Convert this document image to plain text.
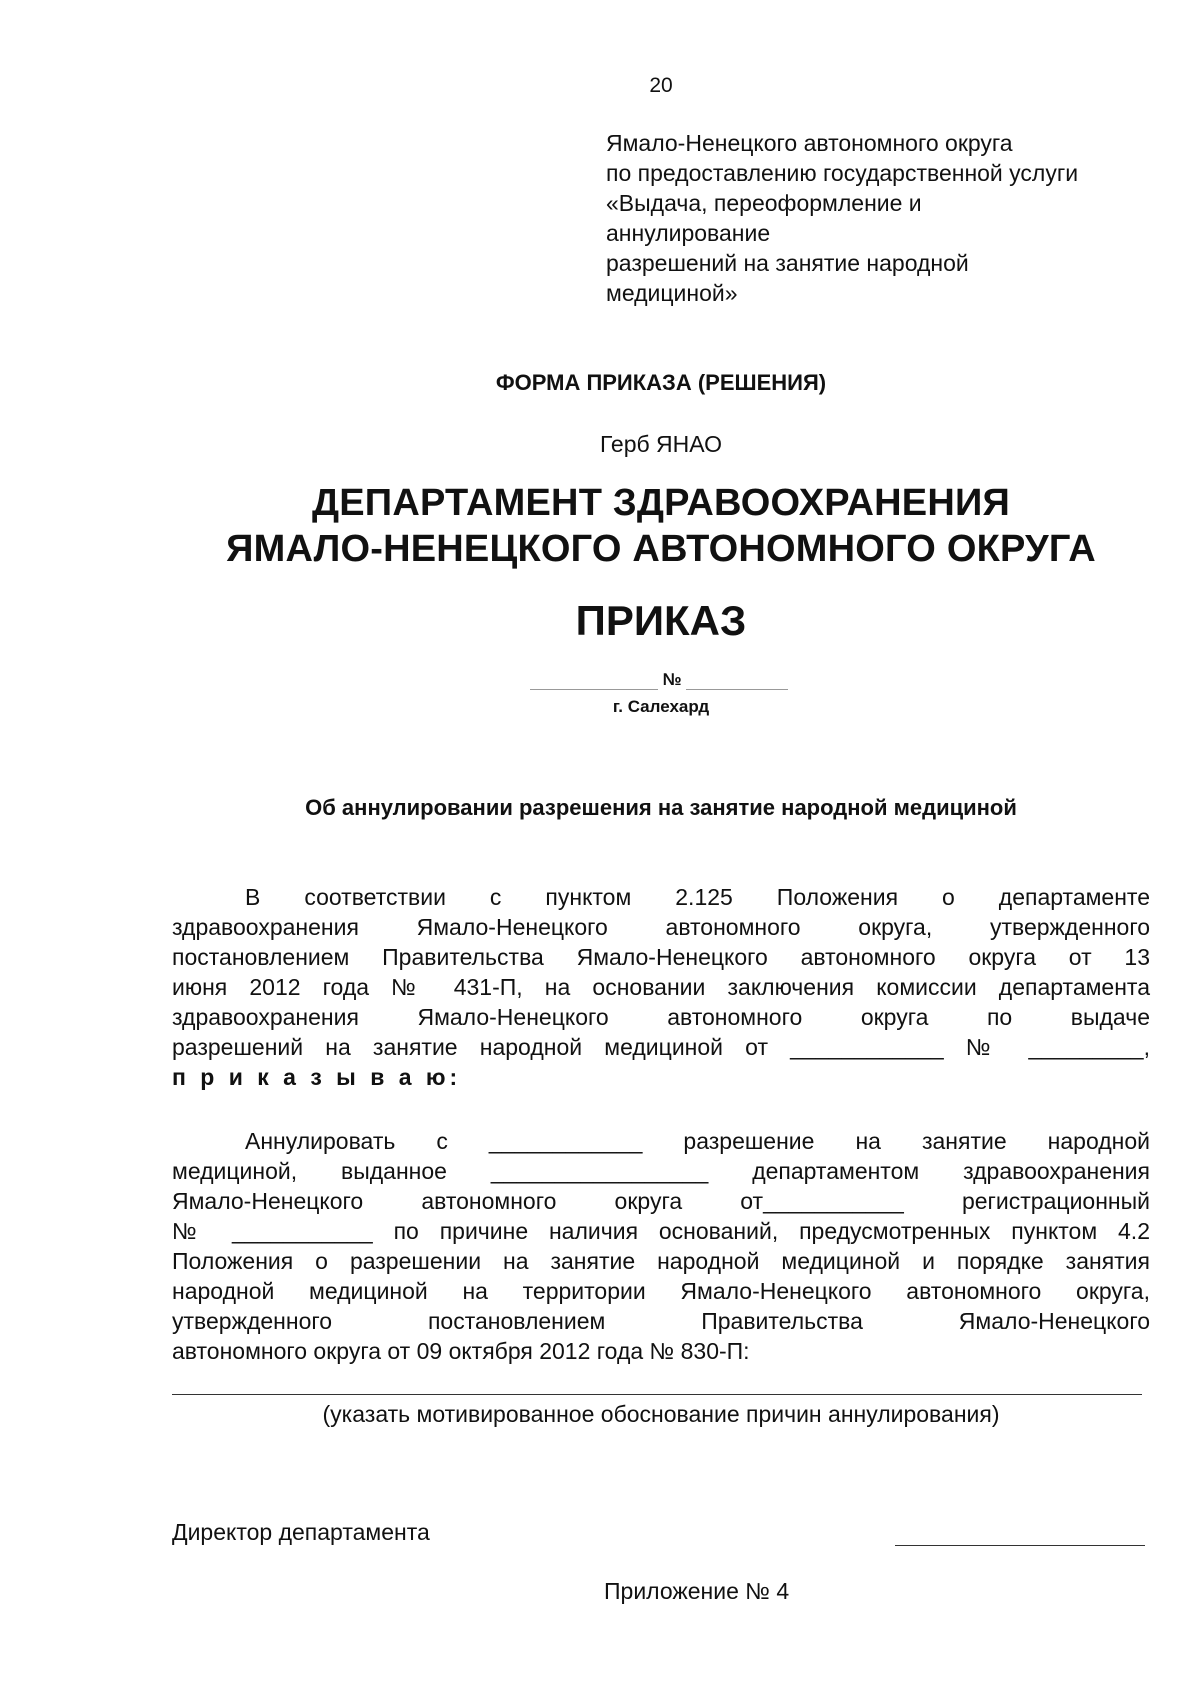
20
Ямало-Ненецкого автономного округа
по предоставлению государственной услуги
«Выдача, переоформление и
аннулирование
разрешений на занятие народной
медициной»
ФОРМА ПРИКАЗА (РЕШЕНИЯ)
Герб ЯНАО
ДЕПАРТАМЕНТ ЗДРАВООХРАНЕНИЯ
ЯМАЛО-НЕНЕЦКОГО АВТОНОМНОГО ОКРУГА
ПРИКАЗ
№
г. Салехард
Об аннулировании разрешения на занятие народной медициной
В соответствии с пунктом 2.125 Положения о департаменте
здравоохранения Ямало-Ненецкого автономного округа, утвержденного
постановлением Правительства Ямало-Ненецкого автономного округа от 13
июня 2012 года № 431-П, на основании заключения комиссии департамента
здравоохранения Ямало-Ненецкого автономного округа по выдаче
разрешений на занятие народной медициной от ____________ № _________,
п р и к а з ы в а ю:
Аннулировать с ____________ разрешение на занятие народной
медициной, выданное _________________ департаментом здравоохранения
Ямало-Ненецкого автономного округа от___________ регистрационный
№ ___________ по причине наличия оснований, предусмотренных пунктом 4.2
Положения о разрешении на занятие народной медициной и порядке занятия
народной медициной на территории Ямало-Ненецкого автономного округа,
утвержденного постановлением Правительства Ямало-Ненецкого
автономного округа от 09 октября 2012 года № 830-П:
(указать мотивированное обоснование причин аннулирования)
Директор департамента
Приложение № 4
